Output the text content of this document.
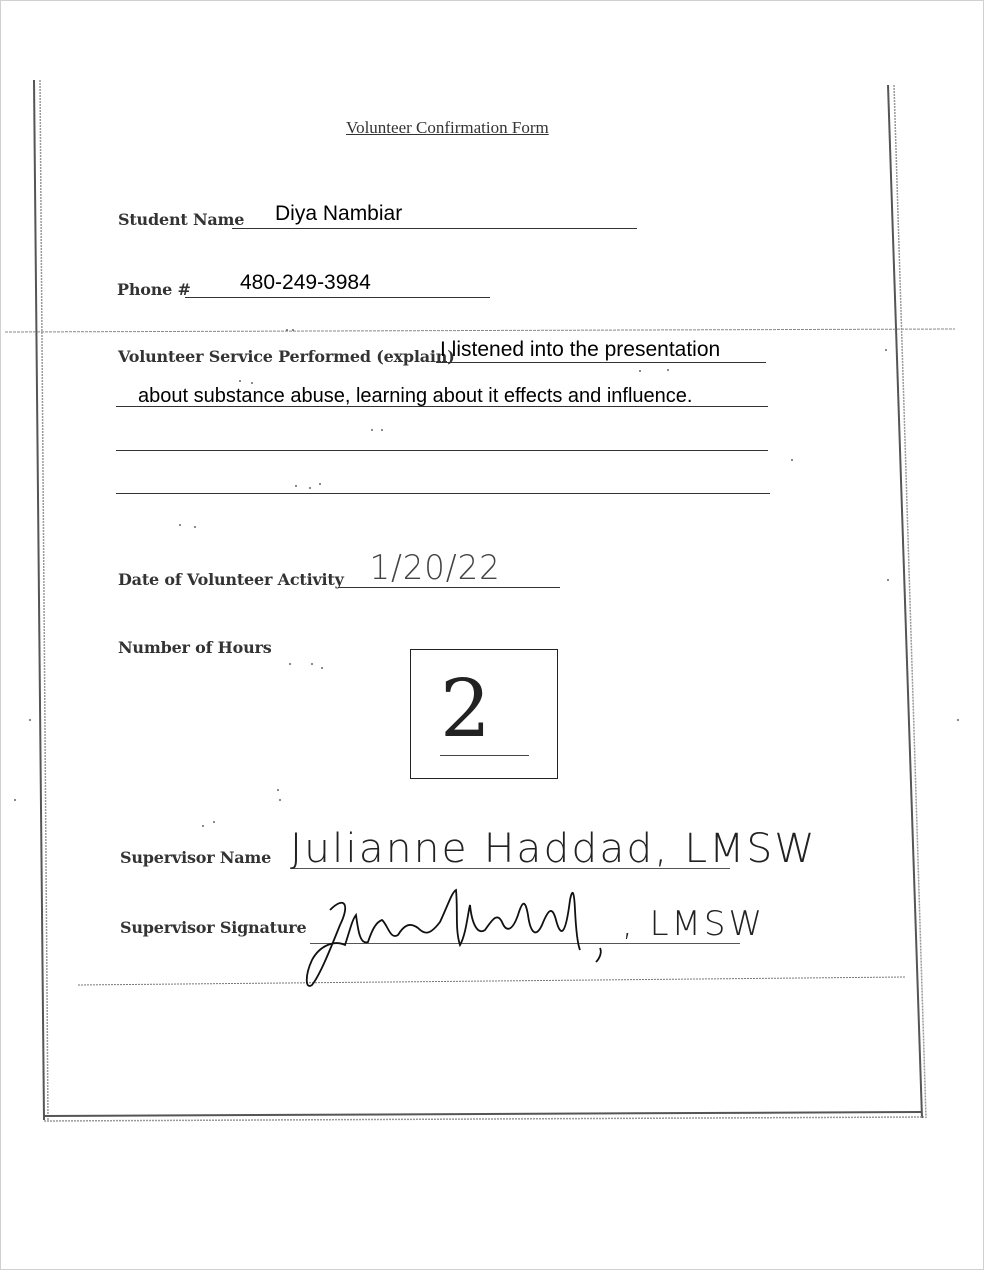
Volunteer Confirmation Form
Student Name Diya Nambiar
Phone # 480-249-3984
Volunteer Service Performed (explain)
I listened into the presentation
about substance abuse, learning about it effects and influence.
Date of Volunteer Activity 1/20/22
Number of Hours
2
Supervisor Name Julianne Haddad, LMSW
Supervisor Signature	, LMSW
